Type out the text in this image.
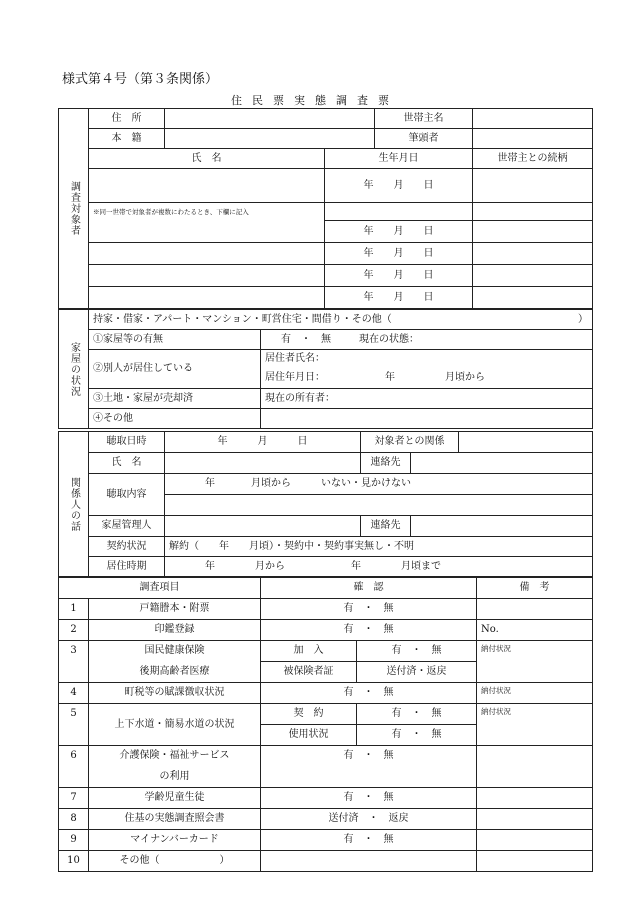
様式第４号（第３条関係）
住民票実態調査票
調査対象者	住　所			世帯主名	
	本　籍			筆頭者	
	氏　名		生年月日		世帯主との続柄
			年　　 月　　 日		
	※同一世帯で対象者が複数にわたるとき、下欄に記入				
			年　　 月　　 日		
			年　　 月　　 日		
			年　　 月　　 日		
			年　　 月　　 日		
家屋の状況	持家・借家・アパート・マンション・町営住宅・間借り・その他（ ）	

	①家屋等の有無	有　・　無 現在の状態：
	②別人が居住している	居住者氏名：
		居住年月日： 年 月頃から
	③土地・家屋が売却済	現在の所有者：
	④その他	
関係人の話	聴取日時	年　　　 月　　　 日	対象者との関係		
	氏　名		連絡先		
	聴取内容	年 月頃から いない・見かけない			

	家屋管理人		連絡先		
	契約状況	解約（　　年　　月頃）・契約中・契約事実無し・不明			
	居住時期	年 月から 年 月頃まで			
調査項目		確　認		備　考
1	戸籍謄本・附票	有　・　無		
2	印鑑登録	有　・　無		No.
3	国民健康保険	加　入	有　・　無	納付状況
	後期高齢者医療	被保険者証	送付済・返戻	
4	町税等の賦課徴収状況	有　・　無		納付状況
5	上下水道・簡易水道の状況	契　約	有　・　無	納付状況
		使用状況	有　・　無	
6	介護保険・福祉サービス	有　・　無		
	の利用			
7	学齢児童生徒	有　・　無		
8	住基の実態調査照会書	送付済　・　返戻		
9	マイナンバーカード	有　・　無		
10	その他（　　　　　　）			
